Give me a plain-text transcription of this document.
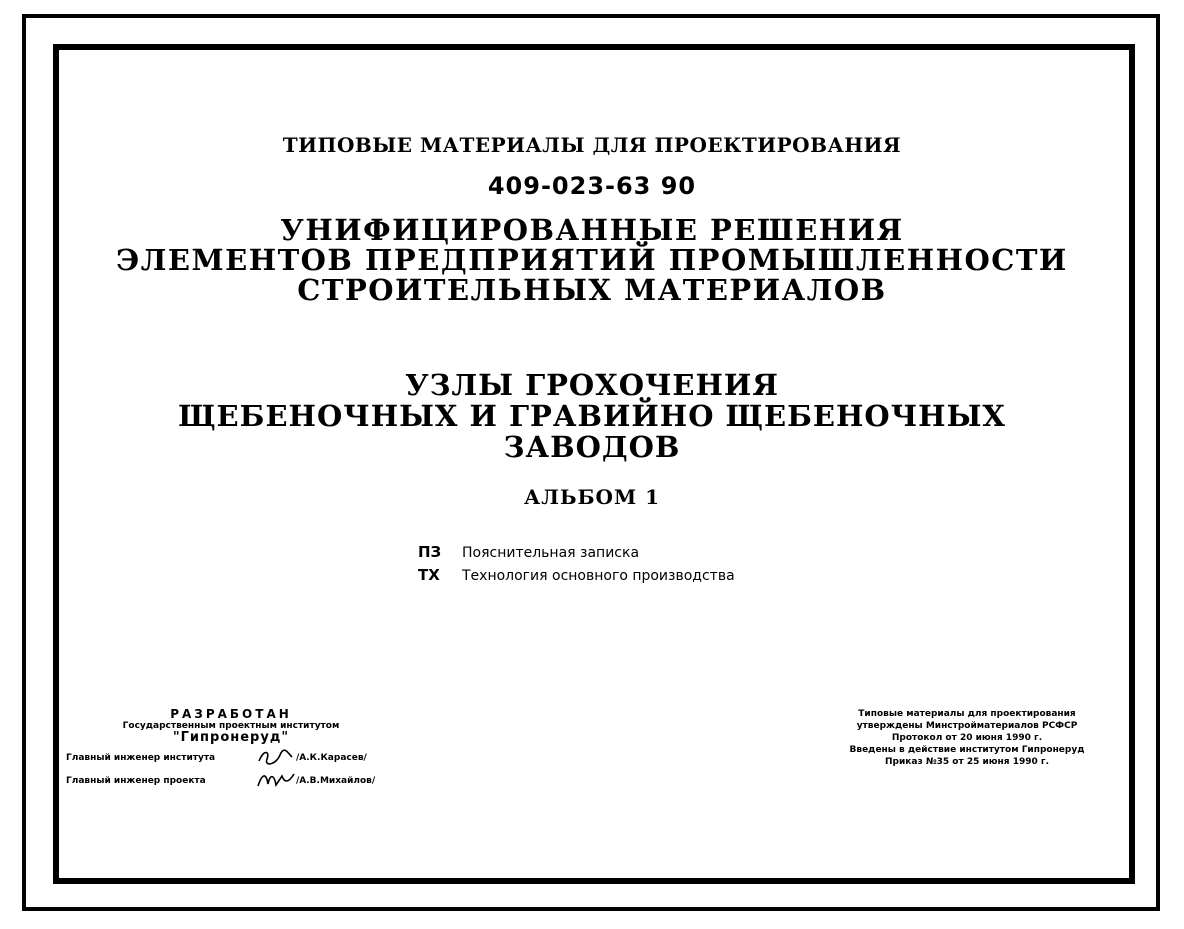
ТИПОВЫЕ МАТЕРИАЛЫ ДЛЯ ПРОЕКТИРОВАНИЯ
409-023-63 90
УНИФИЦИРОВАННЫЕ РЕШЕНИЯ
ЭЛЕМЕНТОВ ПРЕДПРИЯТИЙ ПРОМЫШЛЕННОСТИ
СТРОИТЕЛЬНЫХ МАТЕРИАЛОВ
УЗЛЫ ГРОХОЧЕНИЯ
ЩЕБЕНОЧНЫХ И ГРАВИЙНО ЩЕБЕНОЧНЫХ
ЗАВОДОВ
АЛЬБОМ 1
ПЗ Пояснительная записка
ТХ Технология основного производства
РАЗРАБОТАН
Государственным проектным институтом
"Гипронеруд"
Главный инженер института	/А.К.Карасев/
Главный инженер проекта	/А.В.Михайлов/
Типовые материалы для проектирования
утверждены Минстройматериалов РСФСР
Протокол от 20 июня 1990 г.
Введены в действие институтом Гипронеруд
Приказ №35 от 25 июня 1990 г.
